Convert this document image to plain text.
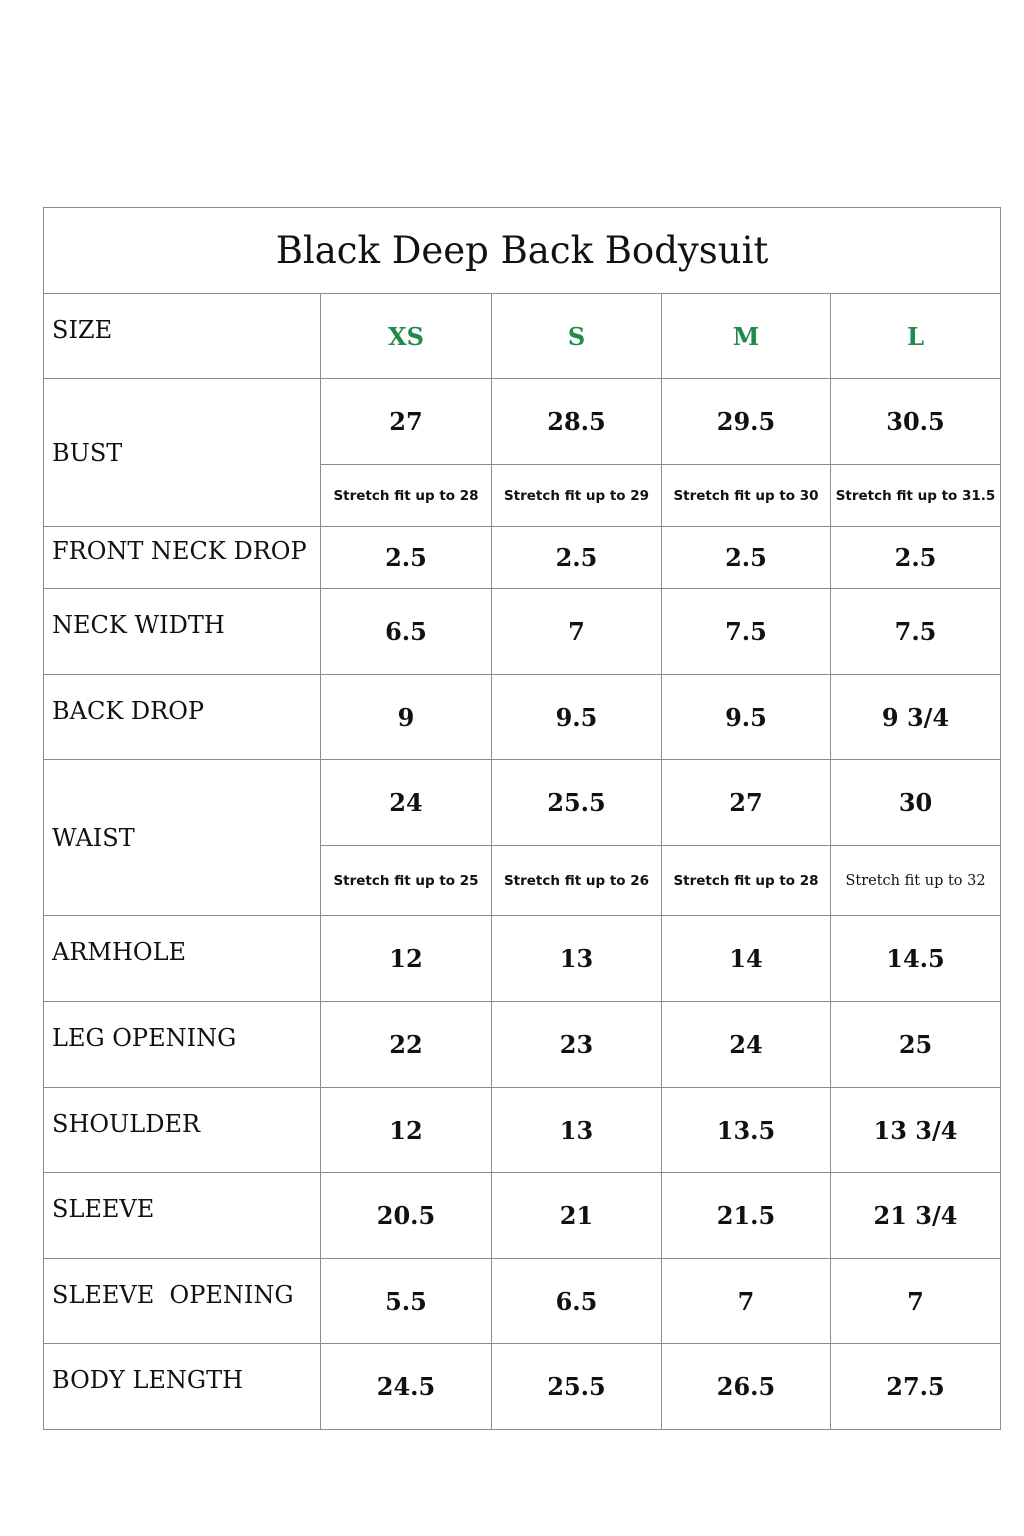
Black Deep Back Bodysuit				

SIZE	XS	S	M	L

BUST	27	28.5	29.5	30.5
	Stretch fit up to 28	Stretch fit up to 29	Stretch fit up to 30	Stretch fit up to 31.5

FRONT NECK DROP	2.5	2.5	2.5	2.5

NECK WIDTH	6.5	7	7.5	7.5

BACK DROP	9	9.5	9.5	9 3/4

WAIST	24	25.5	27	30
	Stretch fit up to 25	Stretch fit up to 26	Stretch fit up to 28	Stretch fit up to 32

ARMHOLE	12	13	14	14.5

LEG OPENING	22	23	24	25

SHOULDER	12	13	13.5	13 3/4

SLEEVE	20.5	21	21.5	21 3/4

SLEEVE  OPENING	5.5	6.5	7	7

BODY LENGTH	24.5	25.5	26.5	27.5
